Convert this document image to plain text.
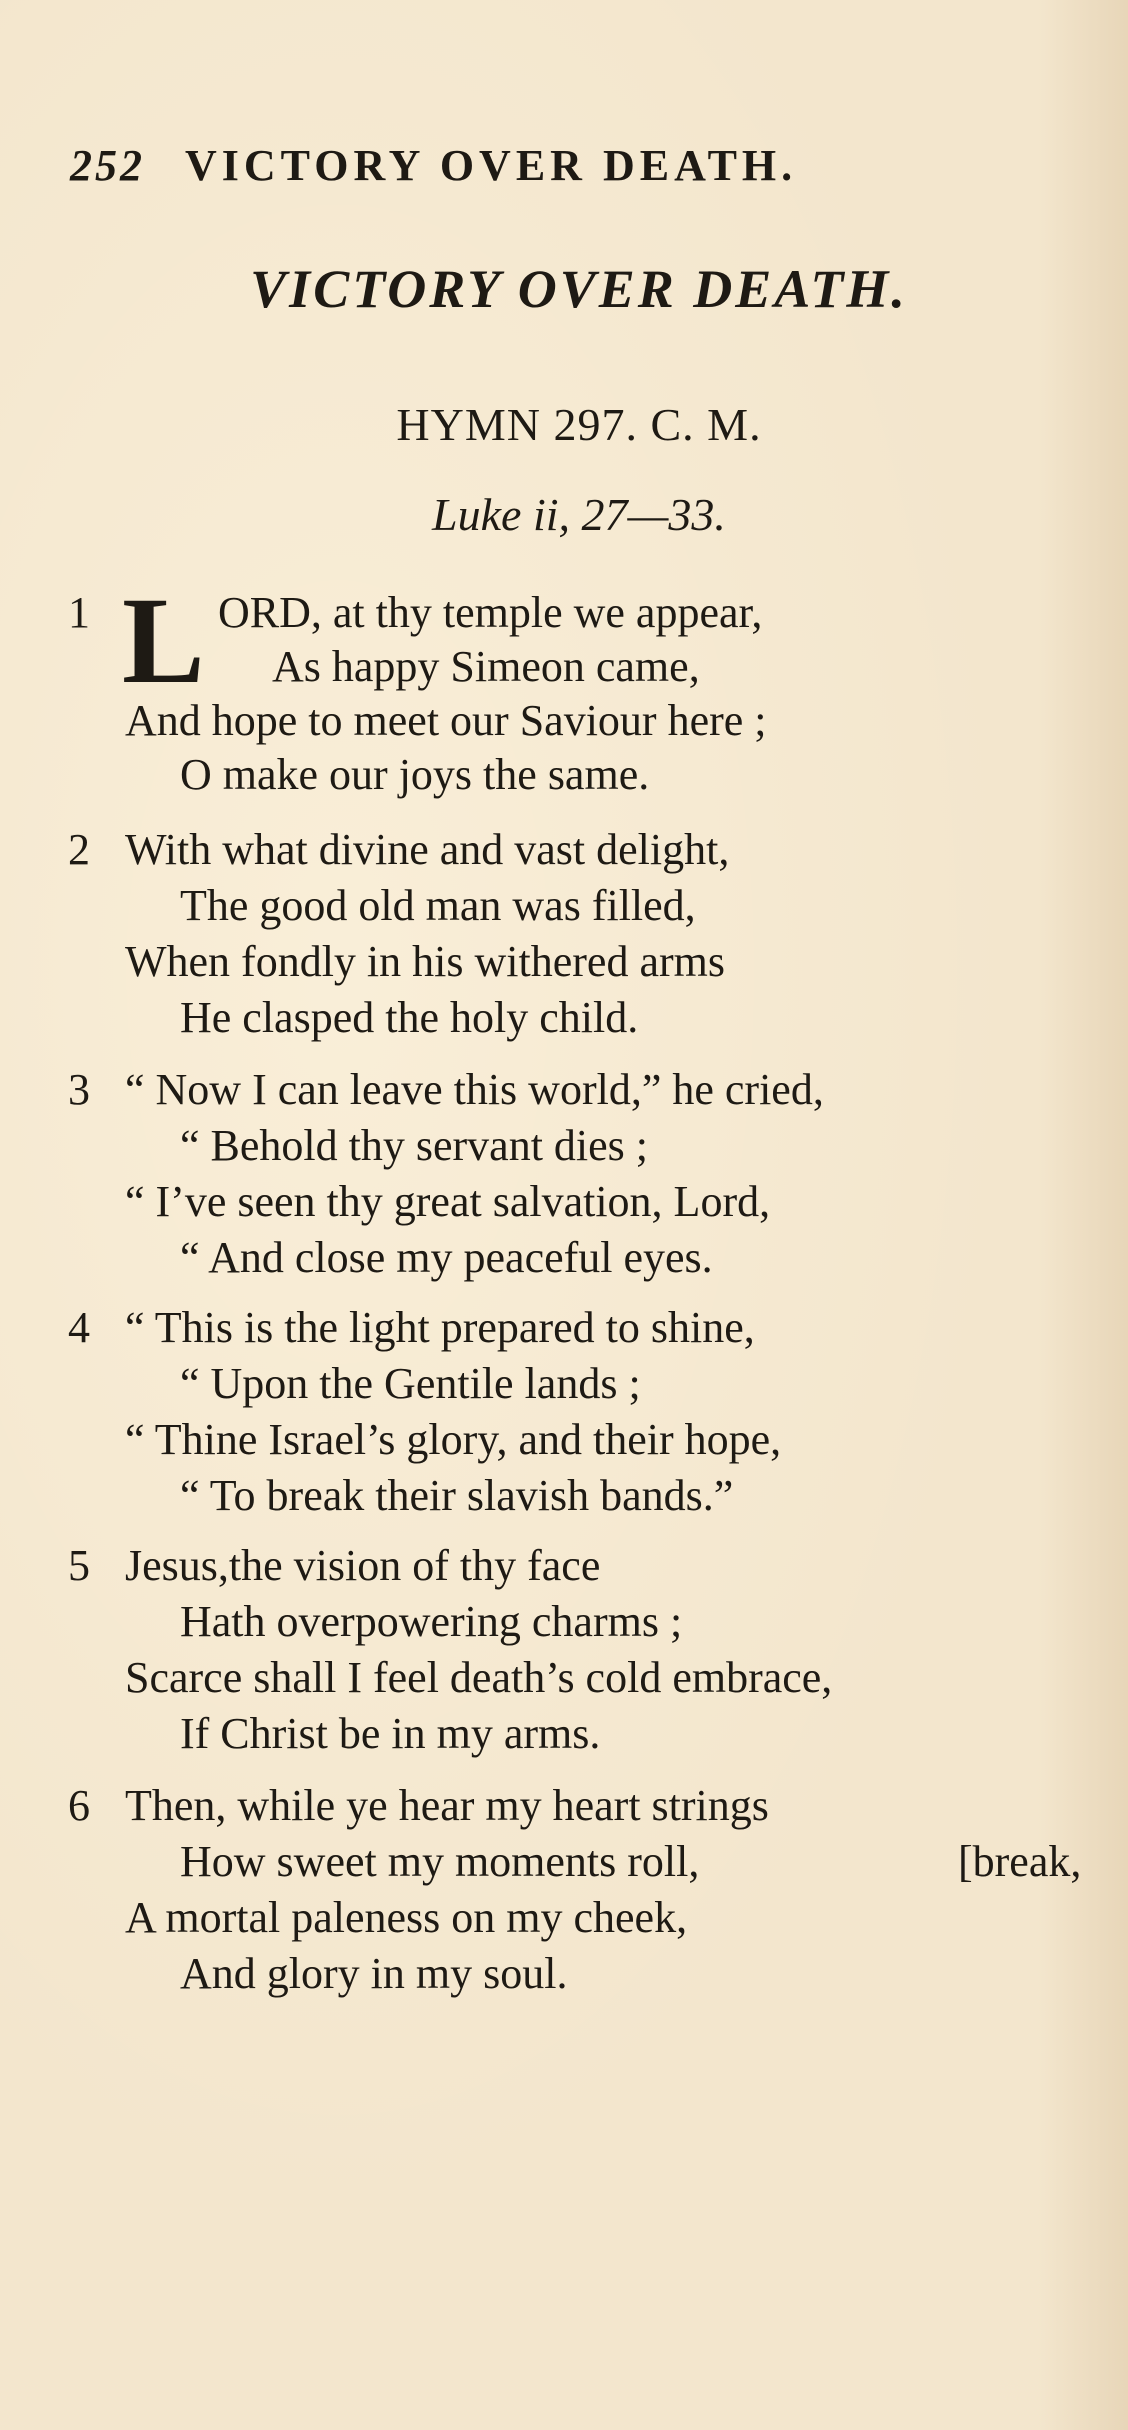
252 VICTORY OVER DEATH.
VICTORY OVER DEATH.
HYMN 297. C. M.
Luke ii, 27—33.
1 L ORD, at thy temple we appear,
As happy Simeon came,
And hope to meet our Saviour here ;
O make our joys the same.
2 With what divine and vast delight,
The good old man was filled,
When fondly in his withered arms
He clasped the holy child.
3 “ Now I can leave this world,” he cried,
“ Behold thy servant dies ;
“ I’ve seen thy great salvation, Lord,
“ And close my peaceful eyes.
4 “ This is the light prepared to shine,
“ Upon the Gentile lands ;
“ Thine Israel’s glory, and their hope,
“ To break their slavish bands.”
5 Jesus,the vision of thy face
Hath overpowering charms ;
Scarce shall I feel death’s cold embrace,
If Christ be in my arms.
6 Then, while ye hear my heart strings
How sweet my moments roll,	[break,
A mortal paleness on my cheek,
And glory in my soul.
